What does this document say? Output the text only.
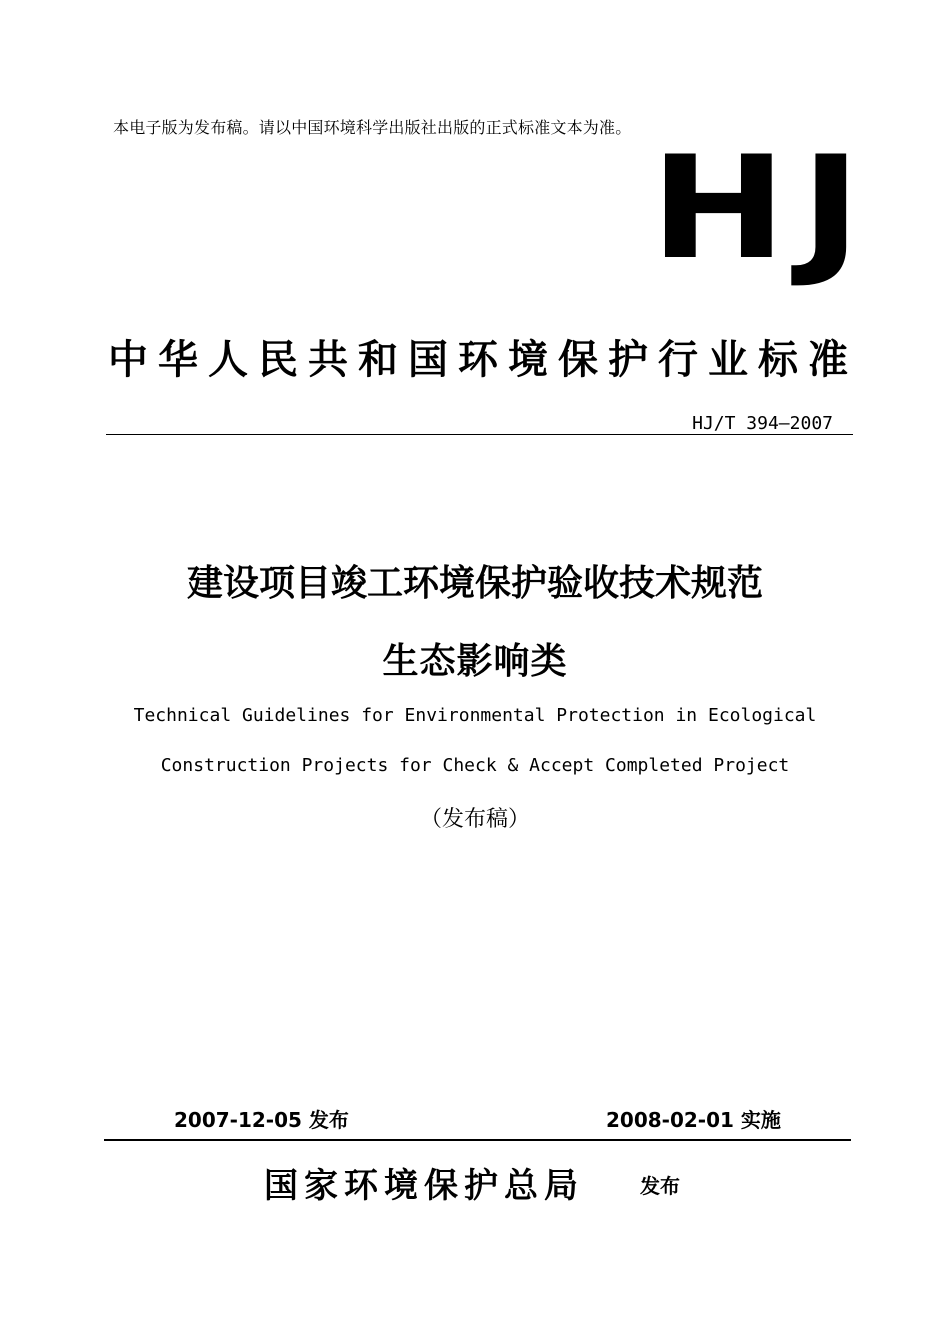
本电子版为发布稿。请以中国环境科学出版社出版的正式标准文本为准。 HJ
中华人民共和国环境保护行业标准
HJ/T 394—2007
建设项目竣工环境保护验收技术规范
生态影响类
Technical Guidelines for Environmental Protection in Ecological
Construction Projects for Check & Accept Completed Project
（发布稿）
2007-12-05 发布	2008-02-01 实施
国家环境保护总局	发布
